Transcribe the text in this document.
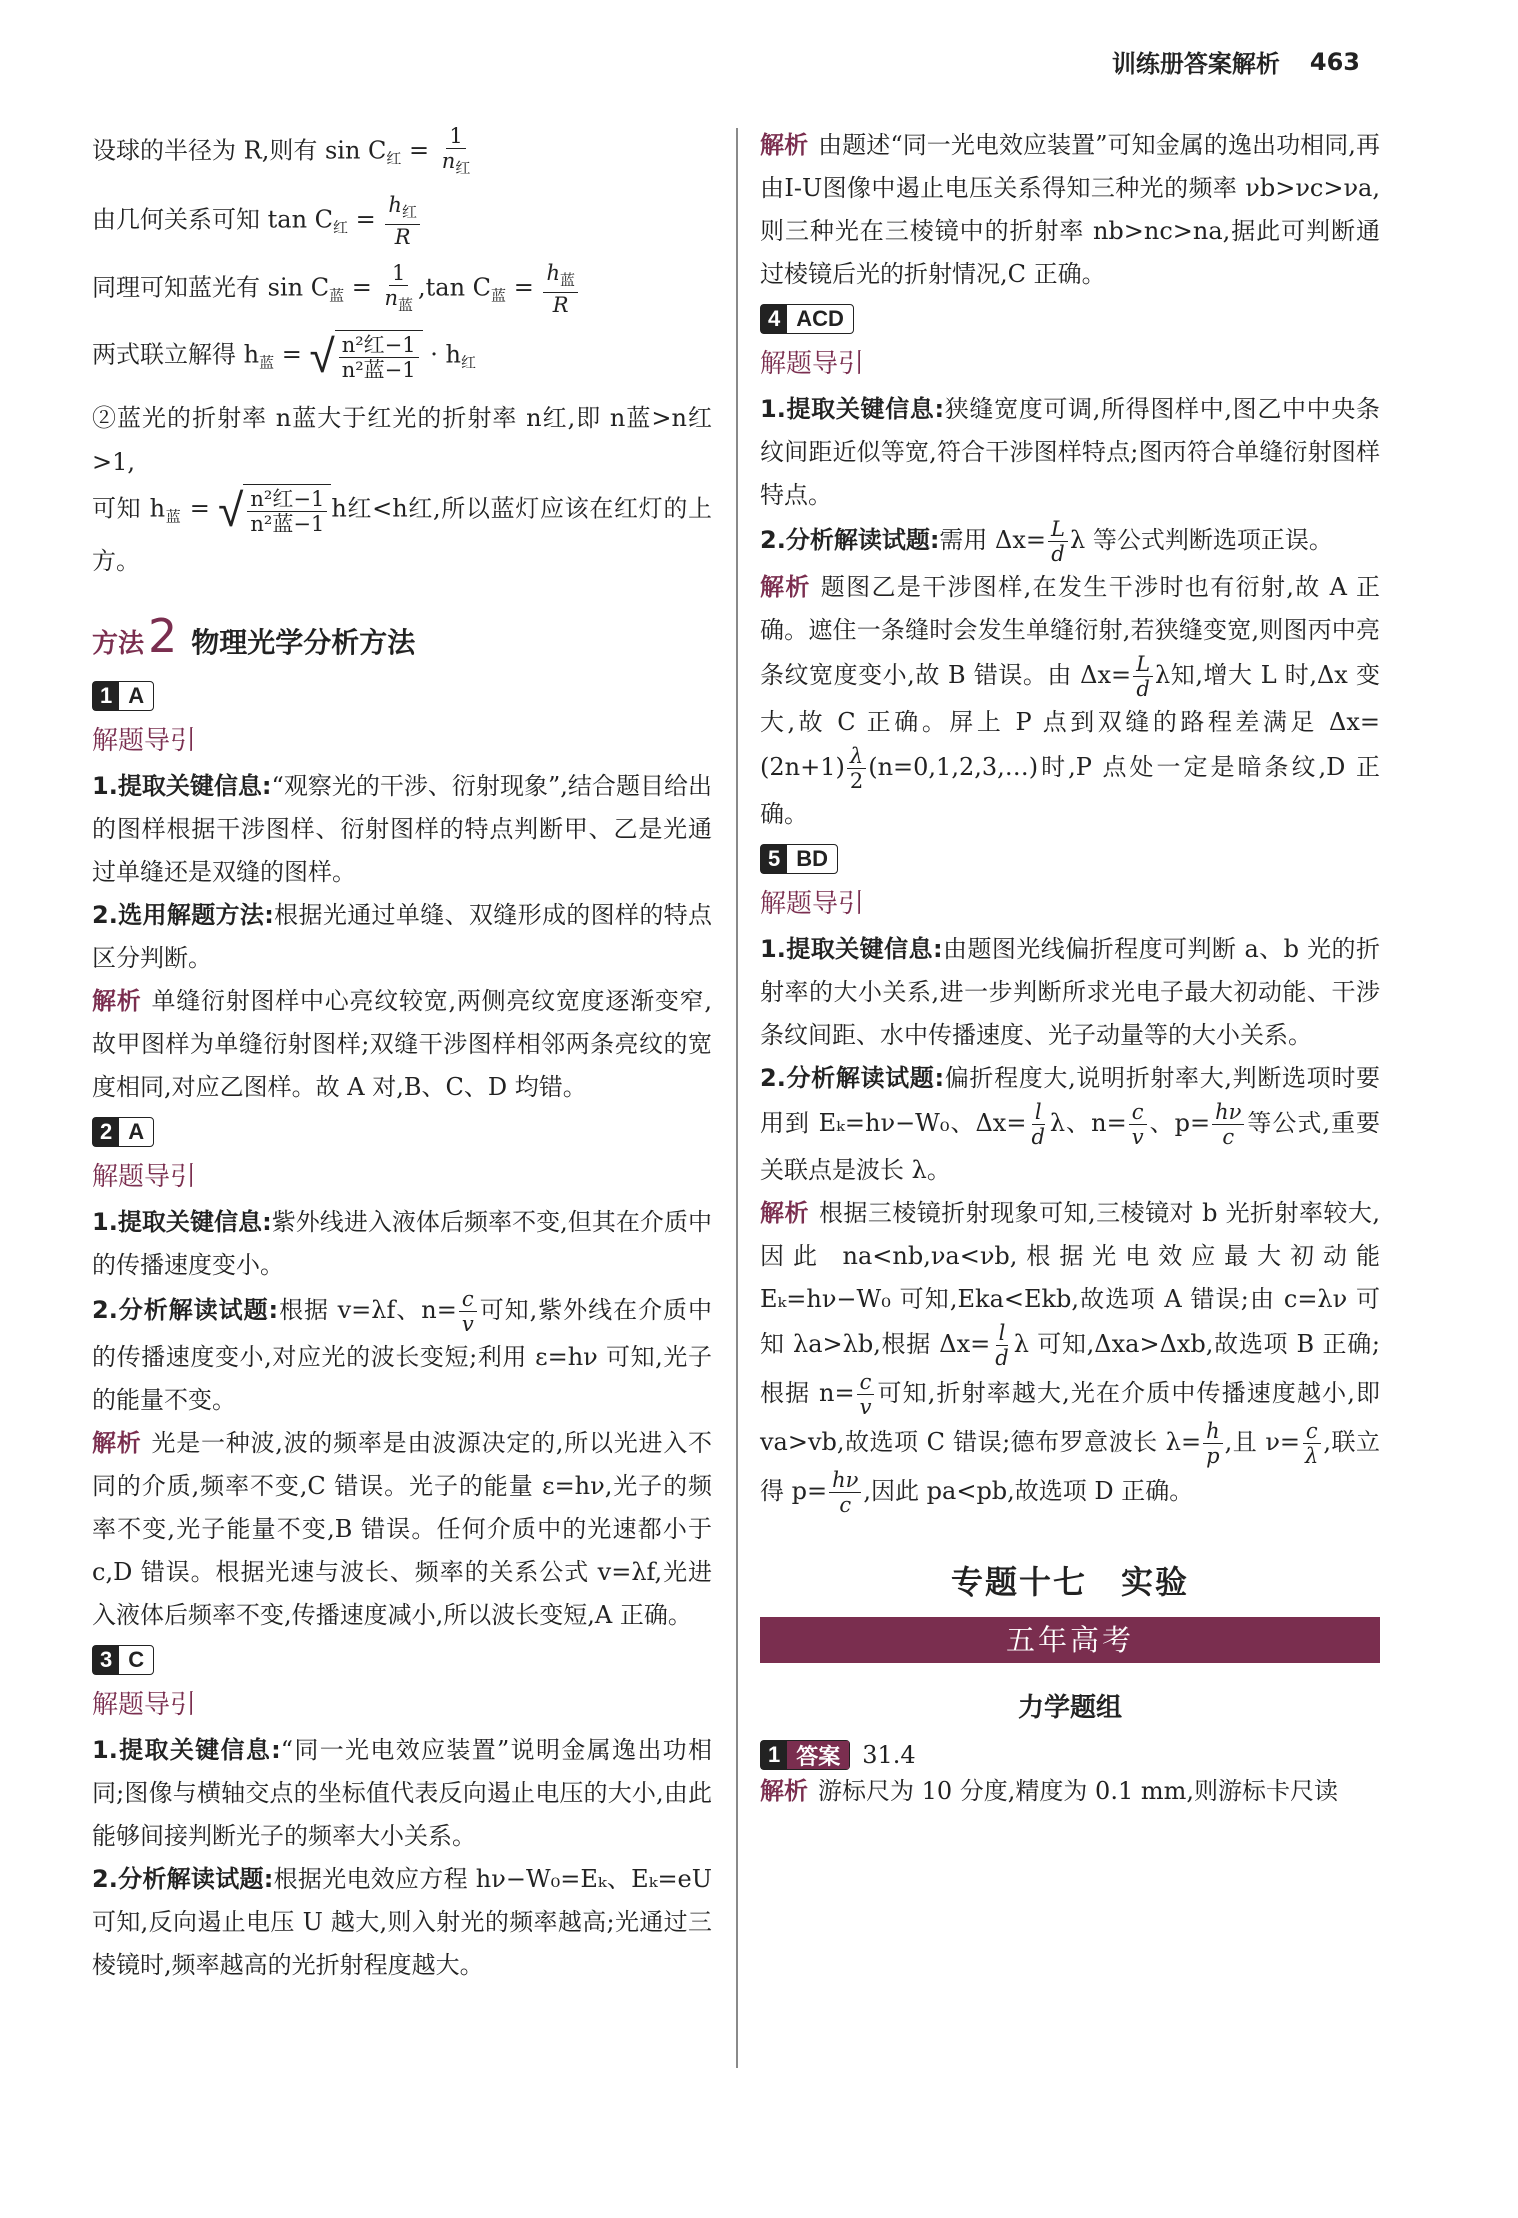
训练册答案解析 463

设球的半径为 R,则有 $\sin C_红 = \frac{1}{n_红}$

由几何关系可知 $\tan C_红 = \frac{h_红}{R}$

同理可知蓝光有 $\sin C_蓝 = \frac{1}{n_蓝} ,\tan$ $C_蓝 = \frac{h_蓝}{R}$

两式联立解得 $h_蓝$ = √ $\frac{\text{n²红−1}}{\text{n²蓝−1}} \cdot h_红$

②蓝光的折射率 n蓝大于红光的折射率 n红,即 n蓝>n红>1,

可知 $h_蓝$ = √ $\frac{\text{n²红−1}}{\text{n²蓝−1}}$ h红<h红,所以蓝灯应该在红灯的上方。

方法 2 物理光学分析方法
1 A
解题导引

1.提取关键信息:“观察光的干涉、衍射现象”,结合题目给出的图样根据干涉图样、衍射图样的特点判断甲、乙是光通过单缝还是双缝的图样。

2.选用解题方法:根据光通过单缝、双缝形成的图样的特点区分判断。

解析 单缝衍射图样中心亮纹较宽,两侧亮纹宽度逐渐变窄,故甲图样为单缝衍射图样;双缝干涉图样相邻两条亮纹的宽度相同,对应乙图样。故 A 对,B、C、D 均错。

2 A
解题导引

1.提取关键信息:紫外线进入液体后频率不变,但其在介质中的传播速度变小。

2.分析解读试题:根据 v=λf、$n= \frac{c}{v}$ 可知,紫外线在介质中的传播速度变小,对应光的波长变短;利用 ε=hν 可知,光子的能量不变。

解析 光是一种波,波的频率是由波源决定的,所以光进入不同的介质,频率不变,C 错误。光子的能量 ε=hν,光子的频率不变,光子能量不变,B 错误。任何介质中的光速都小于 c,D 错误。根据光速与波长、频率的关系公式 v=λf,光进入液体后频率不变,传播速度减小,所以波长变短,A 正确。

3 C
解题导引

1.提取关键信息:“同一光电效应装置”说明金属逸出功相同;图像与横轴交点的坐标值代表反向遏止电压的大小,由此能够间接判断光子的频率大小关系。

2.分析解读试题:根据光电效应方程 hν−W₀=Eₖ、Eₖ=eU 可知,反向遏止电压 U 越大,则入射光的频率越高;光通过三棱镜时,频率越高的光折射程度越大。

解析 由题述“同一光电效应装置”可知金属的逸出功相同,再由I-U图像中遏止电压关系得知三种光的频率 νb>νc>νa,则三种光在三棱镜中的折射率 nb>nc>na,据此可判断通过棱镜后光的折射情况,C 正确。

4 ACD
解题导引

1.提取关键信息:狭缝宽度可调,所得图样中,图乙中中央条纹间距近似等宽,符合干涉图样特点;图丙符合单缝衍射图样特点。

2.分析解读试题:需用 $\Delta x= \frac{L}{d}$ λ 等公式判断选项正误。

解析 题图乙是干涉图样,在发生干涉时也有衍射,故 A 正确。遮住一条缝时会发生单缝衍射,若狭缝变宽,则图丙中亮条纹宽度变小,故 B 错误。由 $\Delta x= \frac{L}{d}$ λ知,增大 L 时,Δx 变大,故 C 正确。屏上 P 点到双缝的路程差满足 $\Delta x=(2n+1) \frac{\lambda}{2}$ (n=0,1,2,3,…)时,P 点处一定是暗条纹,D 正确。

5 BD
解题导引

1.提取关键信息:由题图光线偏折程度可判断 a、b 光的折射率的大小关系,进一步判断所求光电子最大初动能、干涉条纹间距、水中传播速度、光子动量等的大小关系。

2.分析解读试题:偏折程度大,说明折射率大,判断选项时要用到 Eₖ=hν−W₀、$\Delta x= \frac{l}{d}$ λ、$n= \frac{c}{v}$ 、$p= \frac{h\nu}{c}$ 等公式,重要关联点是波长 λ。

解析 根据三棱镜折射现象可知,三棱镜对 b 光折射率较大,因此 na<nb,νa<νb,根据光电效应最大初动能 Eₖ=hν−W₀ 可知,Eka<Ekb,故选项 A 错误;由 c=λν 可知 λa>λb,根据 $\Delta x= \frac{l}{d}$ λ 可知,Δxa>Δxb,故选项 B 正确;根据 $n= \frac{c}{v}$ 可知,折射率越大,光在介质中传播速度越小,即 va>vb,故选项 C 错误;德布罗意波长 $\lambda= \frac{h}{p}$ ,且 $\nu= \frac{c}{\lambda}$ ,联立得 $p= \frac{h\nu}{c}$ ,因此 pa<pb,故选项 D 正确。

专题十七　实验
五年高考
力学题组
1 答案 31.4

解析 游标尺为 10 分度,精度为 0.1 mm,则游标卡尺读
